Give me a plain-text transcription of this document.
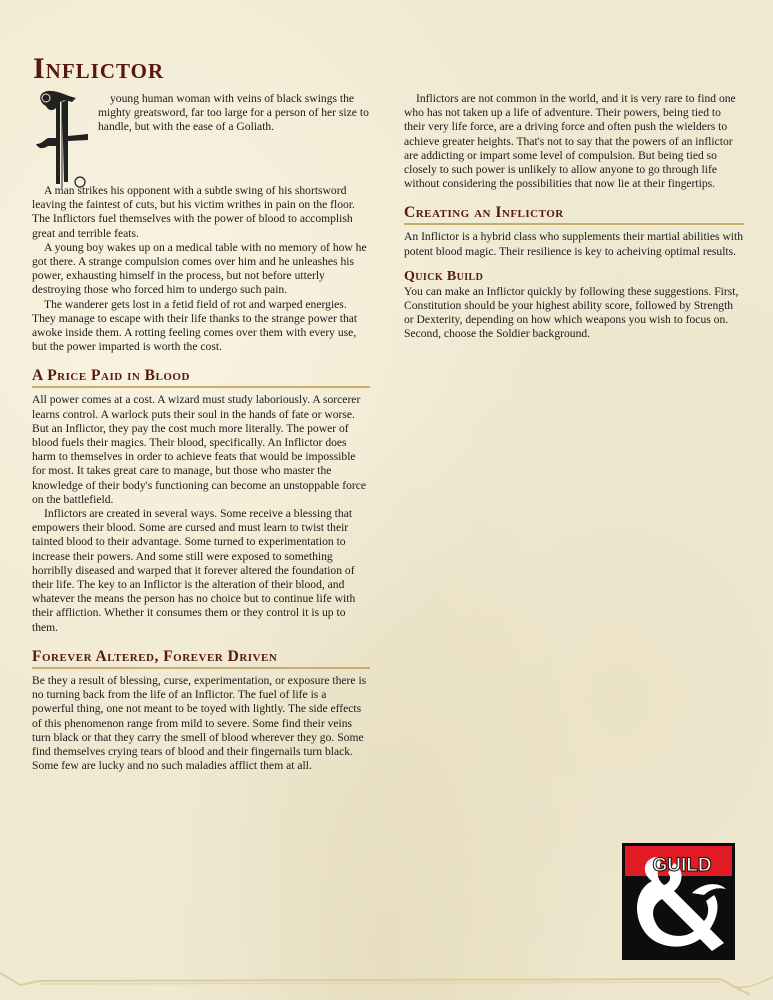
Inflictor

young human woman with veins of black swings the mighty greatsword, far too large for a person of her size to handle, but with the ease of a Goliath.

A man strikes his opponent with a subtle swing of his shortsword leaving the faintest of cuts, but his victim writhes in pain on the floor. The Inflictors fuel themselves with the power of blood to accomplish great and terrible feats.

A young boy wakes up on a medical table with no memory of how he got there. A strange compulsion comes over him and he unleashes his power, exhausting himself in the process, but not before utterly destroying those who forced him to undergo such pain.

The wanderer gets lost in a fetid field of rot and warped energies. They manage to escape with their life thanks to the strange power that awoke inside them. A rotting feeling comes over them with every use, but the power imparted is worth the cost.

A Price Paid in Blood

All power comes at a cost. A wizard must study laboriously. A sorcerer learns control. A warlock puts their soul in the hands of fate or worse. But an Inflictor, they pay the cost much more literally. The power of blood fuels their magics. Their blood, specifically. An Inflictor does harm to themselves in order to achieve feats that would be impossible for most. It takes great care to manage, but those who master the knowledge of their body's functioning can become an unstoppable force on the battlefield.

Inflictors are created in several ways. Some receive a blessing that empowers their blood. Some are cursed and must learn to twist their tainted blood to their advantage. Some turned to experimentation to increase their powers. And some still were exposed to something horriblly diseased and warped that it forever altered the foundation of their life. The key to an Inflictor is the alteration of their blood, and whatever the means the person has no choice but to continue life with their affliction. Whether it consumes them or they control it is up to them.

Forever Altered, Forever Driven

Be they a result of blessing, curse, experimentation, or exposure there is no turning back from the life of an Inflictor. The fuel of life is a powerful thing, one not meant to be toyed with lightly. The side effects of this phenomenon range from mild to severe. Some find their veins turn black or that they carry the smell of blood wherever they go. Some find themselves crying tears of blood and their fingernails turn black. Some few are lucky and no such maladies afflict them at all.

Inflictors are not common in the world, and it is very rare to find one who has not taken up a life of adventure. Their powers, being tied to their very life force, are a driving force and often push the wielders to achieve greater heights. That's not to say that the powers of an inflictor are addicting or impart some level of compulsion. But being tied so closely to such power is unlikely to allow anyone to go through life without considering the possibilities that now lie at their fingertips.

Creating an Inflictor

An Inflictor is a hybrid class who supplements their martial abilities with potent blood magic. Their resilience is key to acheiving optimal results.

Quick Build

You can make an Inflictor quickly by following these suggestions. First, Constitution should be your highest ability score, followed by Strength or Dexterity, depending on how which weapons you wish to focus on. Second, choose the Soldier background.

GUILD
